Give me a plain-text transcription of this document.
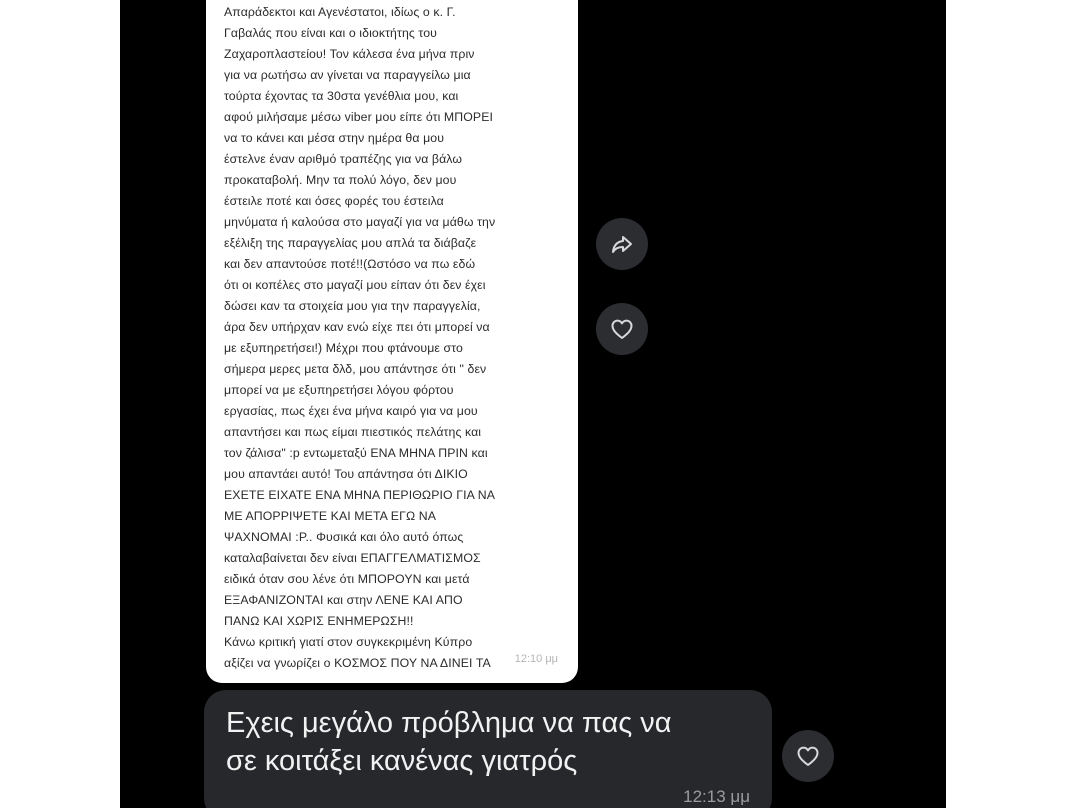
Απαράδεκτοι και Αγενέστατοι, ιδίως ο κ. Γ.
Γαβαλάς που είναι και ο ιδιοκτήτης του
Ζαχαροπλαστείου! Τον κάλεσα ένα μήνα πριν
για να ρωτήσω αν γίνεται να παραγγείλω μια
τούρτα έχοντας τα 30στα γενέθλια μου, και
αφού μιλήσαμε μέσω viber μου είπε ότι ΜΠΟΡΕΙ
να το κάνει και μέσα στην ημέρα θα μου
έστελνε έναν αριθμό τραπέζης για να βάλω
προκαταβολή. Μην τα πολύ λόγο, δεν μου
έστειλε ποτέ και όσες φορές του έστειλα
μηνύματα ή καλούσα στο μαγαζί για να μάθω την
εξέλιξη της παραγγελίας μου απλά τα διάβαζε
και δεν απαντούσε ποτέ!!(Ωστόσο να πω εδώ
ότι οι κοπέλες στο μαγαζί μου είπαν ότι δεν έχει
δώσει καν τα στοιχεία μου για την παραγγελία,
άρα δεν υπήρχαν καν ενώ είχε πει ότι μπορεί να
με εξυπηρετήσει!) Μέχρι που φτάνουμε στο
σήμερα μερες μετα δλδ, μου απάντησε ότι " δεν
μπορεί να με εξυπηρετήσει λόγου φόρτου
εργασίας, πως έχει ένα μήνα καιρό για να μου
απαντήσει και πως είμαι πιεστικός πελάτης και
τον ζάλισα" :p εντωμεταξύ ΕΝΑ ΜΗΝΑ ΠΡΙΝ και
μου απαντάει αυτό! Του απάντησα ότι ΔΙΚΙΟ
ΕΧΕΤΕ ΕΙΧΑΤΕ ΕΝΑ ΜΗΝΑ ΠΕΡΙΘΩΡΙΟ ΓΙΑ ΝΑ
ΜΕ ΑΠΟΡΡΙΨΕΤΕ ΚΑΙ ΜΕΤΑ ΕΓΩ ΝΑ
ΨΑΧΝΟΜΑΙ :P.. Φυσικά και όλο αυτό όπως
καταλαβαίνεται δεν είναι ΕΠΑΓΓΕΛΜΑΤΙΣΜΟΣ
ειδικά όταν σου λένε ότι ΜΠΟΡΟΥΝ και μετά
ΕΞΑΦΑΝΙΖΟΝΤΑΙ και στην ΛΕΝΕ ΚΑΙ ΑΠΟ
ΠΑΝΩ ΚΑΙ ΧΩΡΙΣ ΕΝΗΜΕΡΩΣΗ!!
Κάνω κριτική γιατί στον συγκεκριμένη Κύπρο
αξίζει να γνωρίζει ο ΚΟΣΜΟΣ ΠΟΥ ΝΑ ΔΙΝΕΙ ΤΑ	12:10 μμ
Εχεις μεγάλο πρόβλημα να πας να
σε κοιτάξει κανένας γιατρός
12:13 μμ
